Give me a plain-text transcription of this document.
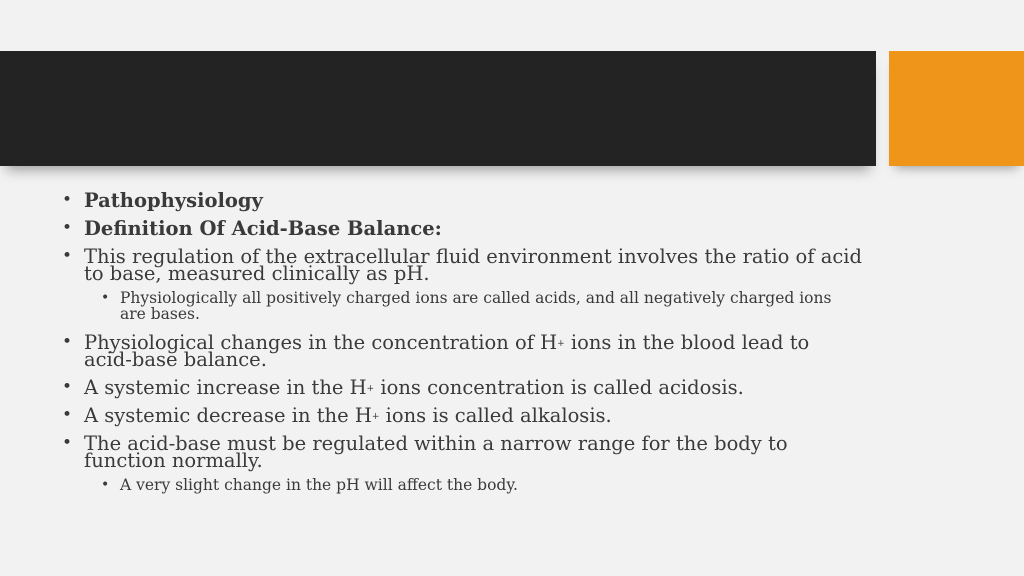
• Pathophysiology
• Definition Of Acid-Base Balance:
• This regulation of the extracellular fluid environment involves the ratio of acid to base, measured clinically as pH.
• Physiologically all positively charged ions are called acids, and all negatively charged ions are bases.
• Physiological changes in the concentration of H+ ions in the blood lead to acid-base balance.
• A systemic increase in the H+ ions concentration is called acidosis.
• A systemic decrease in the H+ ions is called alkalosis.
• The acid-base must be regulated within a narrow range for the body to function normally.
• A very slight change in the pH will affect the body.
